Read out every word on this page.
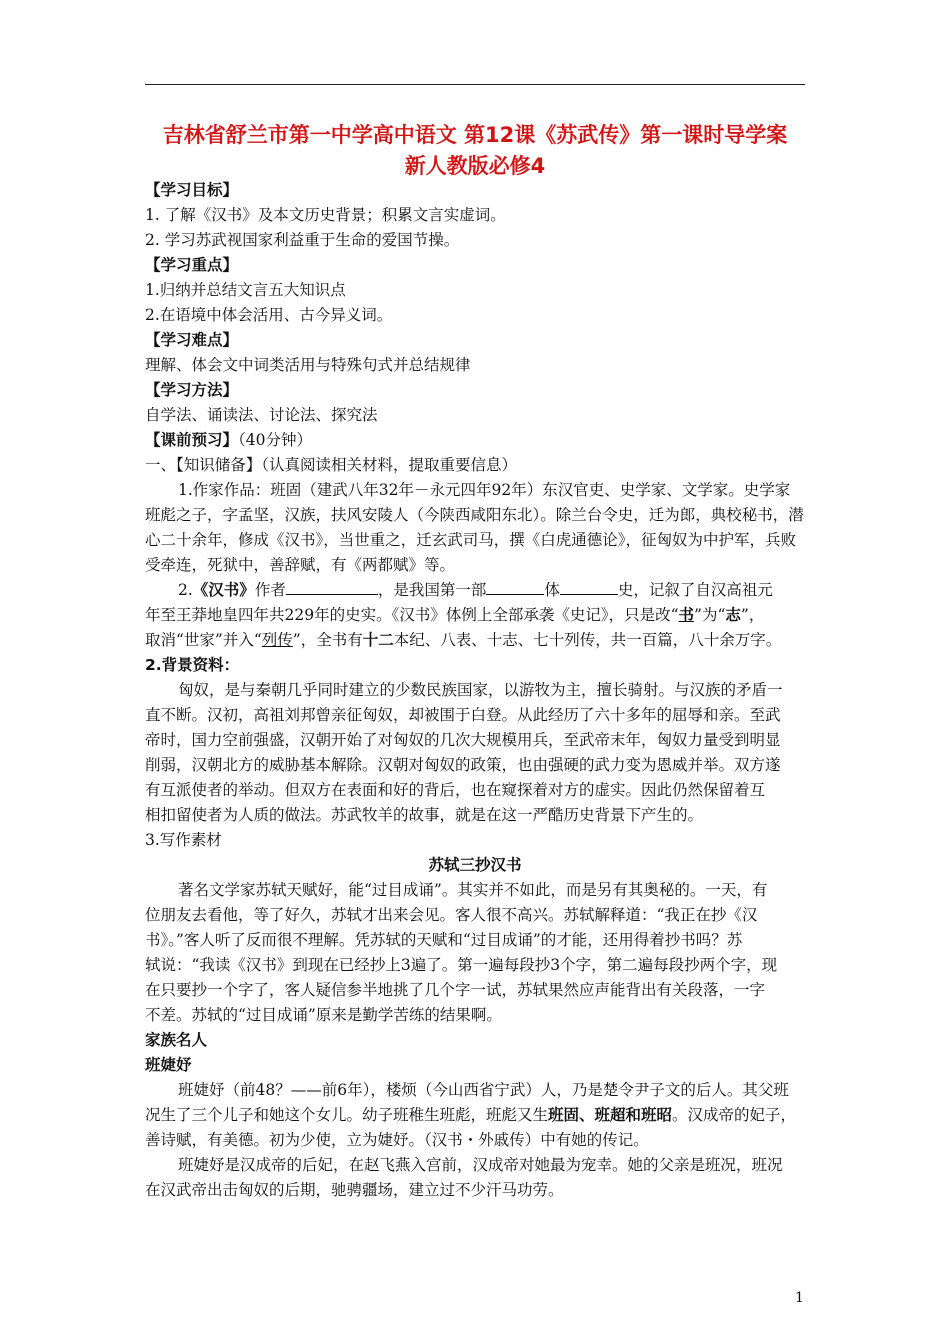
吉林省舒兰市第一中学高中语文 第12课《苏武传》第一课时导学案
新人教版必修4
【学习目标】
1. 了解《汉书》及本文历史背景；积累文言实虚词。
2. 学习苏武视国家利益重于生命的爱国节操。
【学习重点】
1.归纳并总结文言五大知识点
2.在语境中体会活用、古今异义词。
【学习难点】
理解、体会文中词类活用与特殊句式并总结规律
【学习方法】
自学法、诵读法、讨论法、探究法
【课前预习】（40分钟）
一、【知识储备】（认真阅读相关材料，提取重要信息）
1.作家作品：班固（建武八年32年－永元四年92年）东汉官吏、史学家、文学家。史学家
班彪之子，字孟坚，汉族，扶风安陵人（今陕西咸阳东北）。除兰台令史，迁为郎，典校秘书，潜
心二十余年，修成《汉书》，当世重之，迁玄武司马，撰《白虎通德论》，征匈奴为中护军，兵败
受牵连，死狱中，善辞赋，有《两都赋》等。
2.《汉书》作者	，是我国第一部	体	史，记叙了自汉高祖元
年至王莽地皇四年共229年的史实。《汉书》体例上全部承袭《史记》，只是改“书”为“志”，
取消“世家”并入“列传”，全书有十二本纪、八表、十志、七十列传，共一百篇，八十余万字。
2.背景资料：
匈奴，是与秦朝几乎同时建立的少数民族国家，以游牧为主，擅长骑射。与汉族的矛盾一
直不断。汉初，高祖刘邦曾亲征匈奴，却被围于白登。从此经历了六十多年的屈辱和亲。至武
帝时，国力空前强盛，汉朝开始了对匈奴的几次大规模用兵，至武帝末年，匈奴力量受到明显
削弱，汉朝北方的威胁基本解除。汉朝对匈奴的政策，也由强硬的武力变为恩威并举。双方遂
有互派使者的举动。但双方在表面和好的背后，也在窥探着对方的虚实。因此仍然保留着互
相扣留使者为人质的做法。苏武牧羊的故事，就是在这一严酷历史背景下产生的。
3.写作素材
苏轼三抄汉书
著名文学家苏轼天赋好，能“过目成诵”。其实并不如此，而是另有其奥秘的。一天，有
位朋友去看他，等了好久，苏轼才出来会见。客人很不高兴。苏轼解释道：“我正在抄《汉
书》。”客人听了反而很不理解。凭苏轼的天赋和“过目成诵”的才能，还用得着抄书吗？苏
轼说：“我读《汉书》到现在已经抄上3遍了。第一遍每段抄3个字，第二遍每段抄两个字，现
在只要抄一个字了，客人疑信参半地挑了几个字一试，苏轼果然应声能背出有关段落，一字
不差。苏轼的“过目成诵”原来是勤学苦练的结果啊。
家族名人
班婕妤
班婕妤（前48？——前6年），楼烦（今山西省宁武）人，乃是楚令尹子文的后人。其父班
况生了三个儿子和她这个女儿。幼子班稚生班彪，班彪又生班固、班超和班昭。汉成帝的妃子，
善诗赋，有美德。初为少使，立为婕妤。（汉书・外戚传）中有她的传记。
班婕妤是汉成帝的后妃，在赵飞燕入宫前，汉成帝对她最为宠幸。她的父亲是班况，班况
在汉武帝出击匈奴的后期，驰骋疆场，建立过不少汗马功劳。
1
